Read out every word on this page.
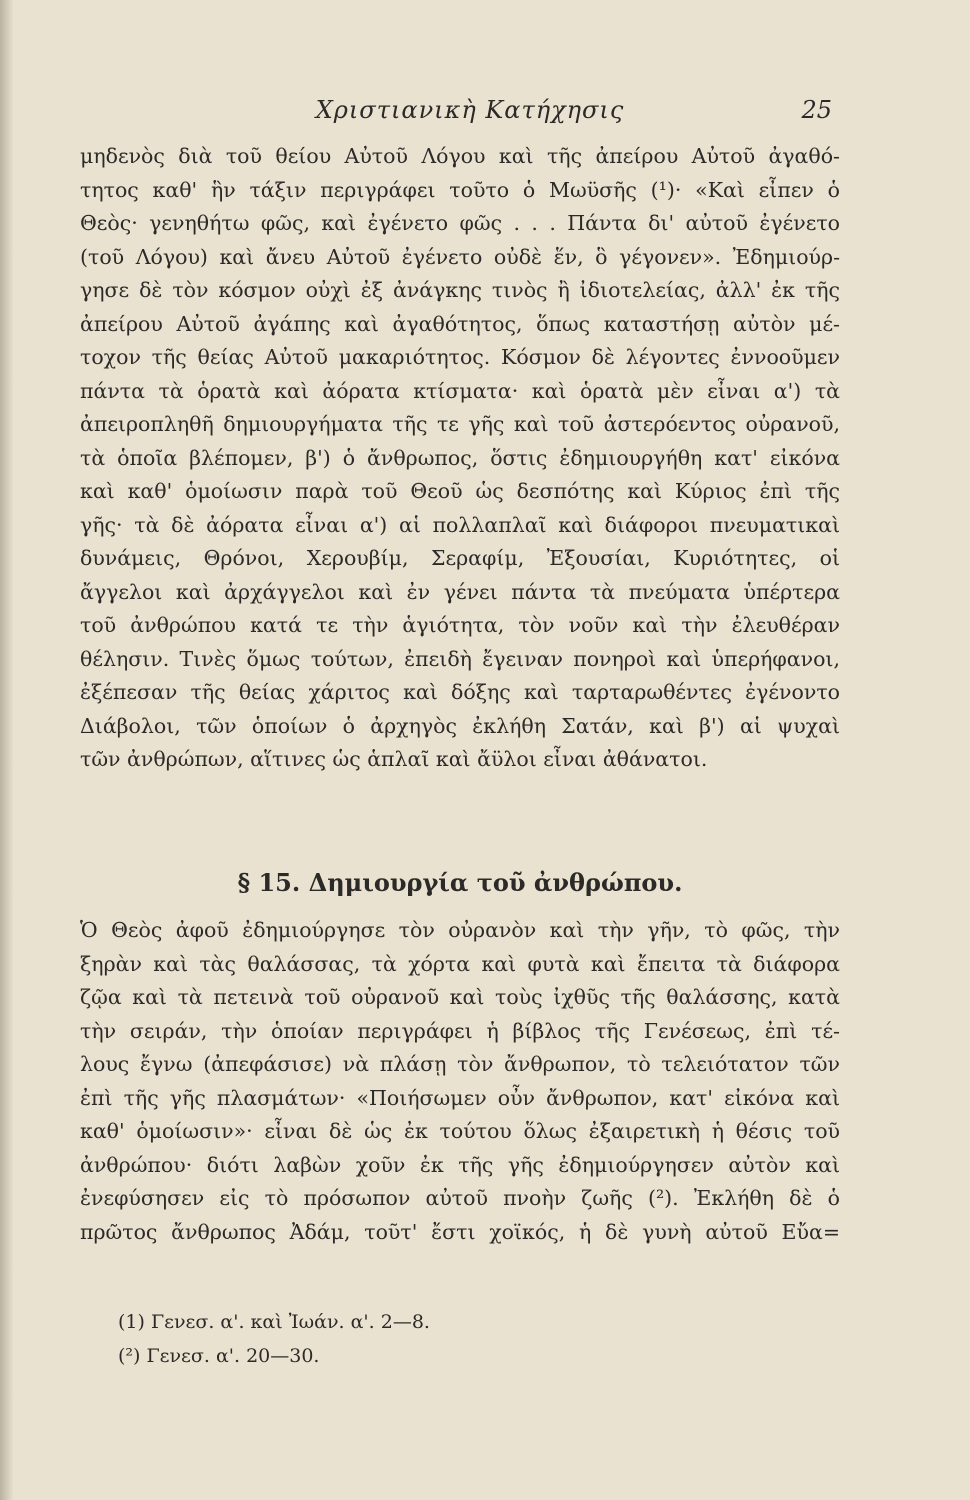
Χριστιανικὴ Κατήχησις	25
μηδενὸς διὰ τοῦ θείου Αὐτοῦ Λόγου καὶ τῆς ἀπείρου Αὐτοῦ ἀγαθό-
τητος καθ' ἣν τάξιν περιγράφει τοῦτο ὁ Μωϋσῆς (¹)· «Καὶ εἶπεν ὁ
Θεὸς· γενηθήτω φῶς, καὶ ἐγένετο φῶς . . . Πάντα δι' αὐτοῦ ἐγένετο
(τοῦ Λόγου) καὶ ἄνευ Αὐτοῦ ἐγένετο οὐδὲ ἕν, ὃ γέγονεν». Ἐδημιούρ-
γησε δὲ τὸν κόσμον οὐχὶ ἐξ ἀνάγκης τινὸς ἢ ἰδιοτελείας, ἀλλ' ἐκ τῆς
ἀπείρου Αὐτοῦ ἀγάπης καὶ ἀγαθότητος, ὅπως καταστήσῃ αὐτὸν μέ-
τοχον τῆς θείας Αὐτοῦ μακαριότητος. Κόσμον δὲ λέγοντες ἐννοοῦμεν
πάντα τὰ ὁρατὰ καὶ ἀόρατα κτίσματα· καὶ ὁρατὰ μὲν εἶναι α') τὰ
ἀπειροπληθῆ δημιουργήματα τῆς τε γῆς καὶ τοῦ ἀστερόεντος οὐρανοῦ,
τὰ ὁποῖα βλέπομεν, β') ὁ ἄνθρωπος, ὅστις ἐδημιουργήθη κατ' εἰκόνα
καὶ καθ' ὁμοίωσιν παρὰ τοῦ Θεοῦ ὡς δεσπότης καὶ Κύριος ἐπὶ τῆς
γῆς· τὰ δὲ ἀόρατα εἶναι α') αἱ πολλαπλαῖ καὶ διάφοροι πνευματικαὶ
δυνάμεις, Θρόνοι, Χερουβίμ, Σεραφίμ, Ἐξουσίαι, Κυριότητες, οἱ
ἄγγελοι καὶ ἀρχάγγελοι καὶ ἐν γένει πάντα τὰ πνεύματα ὑπέρτερα
τοῦ ἀνθρώπου κατά τε τὴν ἁγιότητα, τὸν νοῦν καὶ τὴν ἐλευθέραν
θέλησιν. Τινὲς ὅμως τούτων, ἐπειδὴ ἔγειναν πονηροὶ καὶ ὑπερήφανοι,
ἐξέπεσαν τῆς θείας χάριτος καὶ δόξης καὶ ταρταρωθέντες ἐγένοντο
Διάβολοι, τῶν ὁποίων ὁ ἀρχηγὸς ἐκλήθη Σατάν, καὶ β') αἱ ψυχαὶ
τῶν ἀνθρώπων, αἵτινες ὡς ἁπλαῖ καὶ ἄϋλοι εἶναι ἀθάνατοι.
§ 15. Δημιουργία τοῦ ἀνθρώπου.
Ὁ Θεὸς ἀφοῦ ἐδημιούργησε τὸν οὐρανὸν καὶ τὴν γῆν, τὸ φῶς, τὴν
ξηρὰν καὶ τὰς θαλάσσας, τὰ χόρτα καὶ φυτὰ καὶ ἔπειτα τὰ διάφορα
ζῷα καὶ τὰ πετεινὰ τοῦ οὐρανοῦ καὶ τοὺς ἰχθῦς τῆς θαλάσσης, κατὰ
τὴν σειράν, τὴν ὁποίαν περιγράφει ἡ βίβλος τῆς Γενέσεως, ἐπὶ τέ-
λους ἔγνω (ἀπεφάσισε) νὰ πλάσῃ τὸν ἄνθρωπον, τὸ τελειότατον τῶν
ἐπὶ τῆς γῆς πλασμάτων· «Ποιήσωμεν οὖν ἄνθρωπον, κατ' εἰκόνα καὶ
καθ' ὁμοίωσιν»· εἶναι δὲ ὡς ἐκ τούτου ὅλως ἐξαιρετικὴ ἡ θέσις τοῦ
ἀνθρώπου· διότι λαβὼν χοῦν ἐκ τῆς γῆς ἐδημιούργησεν αὐτὸν καὶ
ἐνεφύσησεν εἰς τὸ πρόσωπον αὐτοῦ πνοὴν ζωῆς (²). Ἐκλήθη δὲ ὁ
πρῶτος ἄνθρωπος Ἀδάμ, τοῦτ' ἔστι χοϊκός, ἡ δὲ γυνὴ αὐτοῦ Εὔα=
(1) Γενεσ. α'. καὶ Ἰωάν. α'. 2—8.
(²) Γενεσ. α'. 20—30.
